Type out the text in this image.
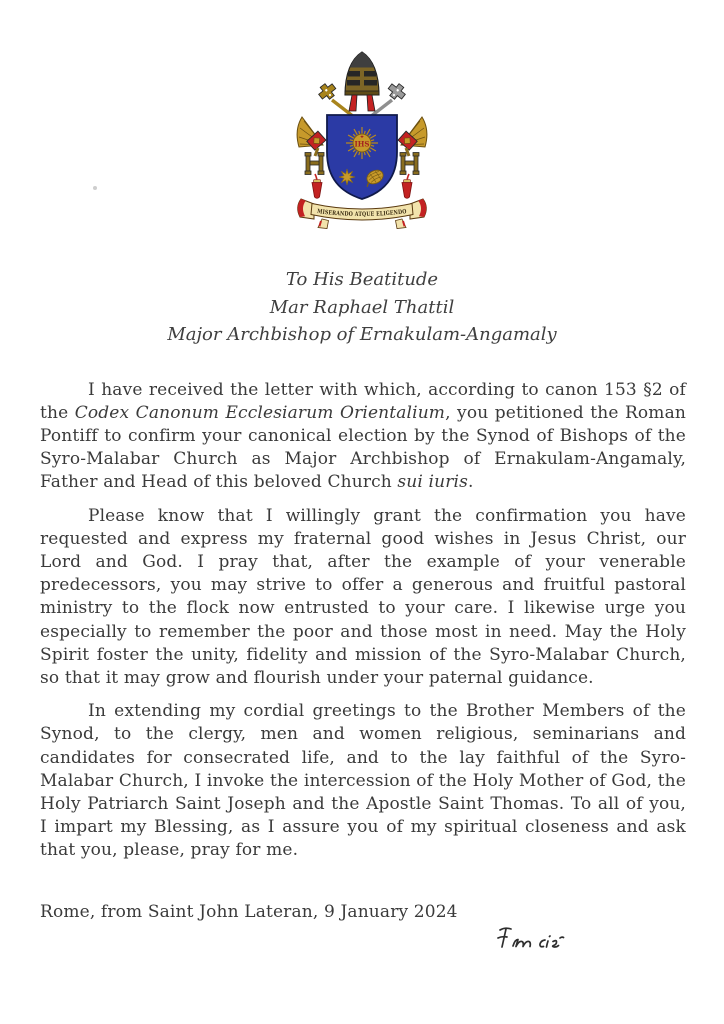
IHS
MISERANDO ATQUE ELIGENDO
To His Beatitude
Mar Raphael Thattil
Major Archbishop of Ernakulam-Angamaly

I have received the letter with which, according to canon 153 §2 of the Codex Canonum Ecclesiarum Orientalium, you petitioned the Roman Pontiff to confirm your canonical election by the Synod of Bishops of the Syro-Malabar Church as Major Archbishop of Ernakulam-Angamaly, Father and Head of this beloved Church sui iuris.

Please know that I willingly grant the confirmation you have requested and express my fraternal good wishes in Jesus Christ, our Lord and God. I pray that, after the example of your venerable predecessors, you may strive to offer a generous and fruitful pastoral ministry to the flock now entrusted to your care. I likewise urge you especially to remember the poor and those most in need. May the Holy Spirit foster the unity, fidelity and mission of the Syro-Malabar Church, so that it may grow and flourish under your paternal guidance.

In extending my cordial greetings to the Brother Members of the Synod, to the clergy, men and women religious, seminarians and candidates for consecrated life, and to the lay faithful of the Syro-Malabar Church, I invoke the intercession of the Holy Mother of God, the Holy Patriarch Saint Joseph and the Apostle Saint Thomas. To all of you, I impart my Blessing, as I assure you of my spiritual closeness and ask that you, please, pray for me.

Rome, from Saint John Lateran, 9 January 2024
